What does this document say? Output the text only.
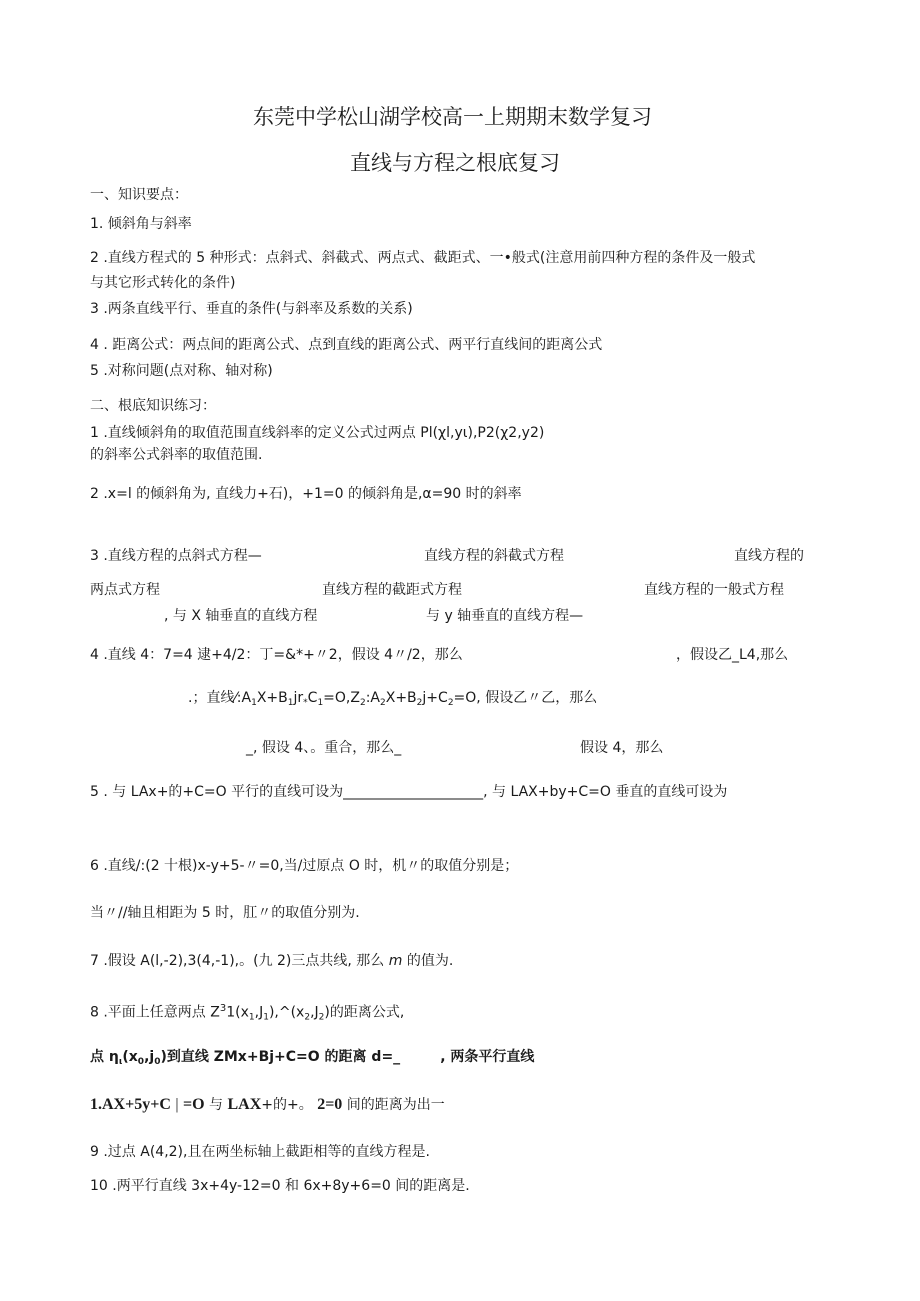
东莞中学松山湖学校高一上期期末数学复习
直线与方程之根底复习
一、知识要点：
1. 倾斜角与斜率
2 .直线方程式的 5 种形式：点斜式、斜截式、两点式、截距式、一•般式(注意用前四种方程的条件及一般式
与其它形式转化的条件)
3 .两条直线平行、垂直的条件(与斜率及系数的关系)
4 . 距离公式：两点间的距离公式、点到直线的距离公式、两平行直线间的距离公式
5 .对称问题(点对称、轴对称)
二、根底知识练习：
1 .直线倾斜角的取值范围直线斜率的定义公式过两点 Pl(χl,yι),P2(χ2,y2)
的斜率公式斜率的取值范围.
2 .x=l 的倾斜角为, 直线力+石)，+1=0 的倾斜角是,α=90 时的斜率
3 .直线方程的点斜式方程—	直线方程的斜截式方程	直线方程的
两点式方程	直线方程的截距式方程	直线方程的一般式方程
, 与 X 轴垂直的直线方程	与 y 轴垂直的直线方程—
4 .直线 4：7=4 逮+4/2：丁=&*+〃2，假设 4〃/2，那么	，假设乙_L4,那么
.；直线$⁄:A_1X+B_1jr_*C_1=O,Z_2:A_2X+B_2j+C_2=O$, 假设乙〃乙，那么
_, 假设 4、。重合，那么_	假设 4，那么
5 . 与 LAx+的+C=O 平行的直线可设为____________________, 与 LAX+by+C=O 垂直的直线可设为
6 .直线/:(2 十根)x-y+5-〃=0,当/过原点 O 时，机〃的取值分别是；
当〃//轴且相距为 5 时，肛〃的取值分别为.
7 .假设 A(l,-2),3(4,-1),。(九 2)三点共线, 那么 m 的值为.
8 .平面上任意两点 $Z^31(x_1,J_1),\^{}(x_2,J_2)$的距离公式,
点 $\eta_\iota(x_0,j_0)$到直线 ZMx+Bj+C=O 的距离 d=_	, 两条平行直线
1.AX+5y+C | =O 与 LAX+的+。 2=0 间的距离为出一
9 .过点 A(4,2),且在两坐标轴上截距相等的直线方程是.
10 .两平行直线 3x+4y-12=0 和 6x+8y+6=0 间的距离是.
